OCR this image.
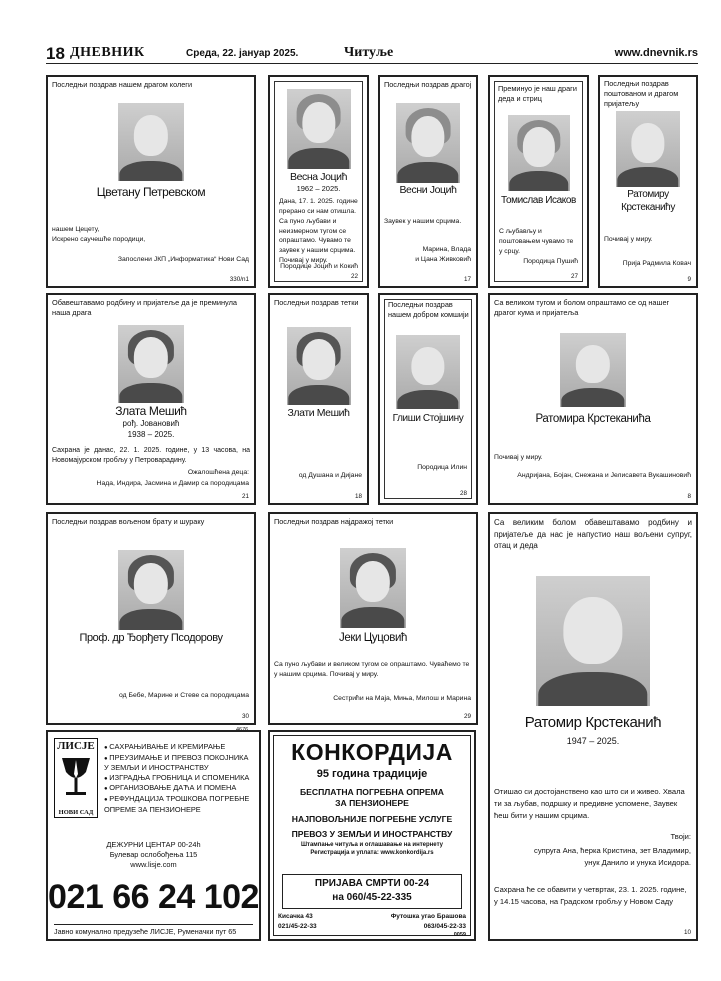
18 ДНЕВНИК	Среда, 22. јануар 2025.	Читуље	www.dnevnik.rs
Последњи поздрав нашем драгом колеги
Цветану Петревском
нашем Цецету,
Искрено саучешће породици,
Запослени ЈКП „Информатика“ Нови Сад
330/n1
Весна Јоцић
1962 – 2025.
Дана, 17. 1. 2025. године прерано си нам отишла. Са пуно љубави и неизмерном тугом се опраштамо. Чувамо те заувек у нашим срцима. Почивај у миру.
Породице Јоцић и Кокић
22
Последњи поздрав драгој
Весни Јоцић
Заувек у нашим срцима.
Марина, Влада
и Цана Живковић
17
Преминуо је наш драги деда и стриц
Томислав Исаков
С љубављу и поштовањем чувамо те у срцу.
Породица Пушић
27
Последњи поздрав поштованом и драгом пријатељу
Ратомиру
Крстеканићу
Почивај у миру.
Прија Радмила Ковач
9
Обавештавамо родбину и пријатеље да је преминула наша драга
Злата Мешић
рођ. Јовановић
1938 – 2025.
Сахрана је данас, 22. 1. 2025. године, у 13 часова, на Новомајурском гробљу у Петроварадину.
Ожалошћена деца:
Нада, Индира, Јасмина и Дамир са породицама
21
Последњи поздрав тетки
Злати Мешић
од Душана и Дијане
18
Последњи поздрав нашем добром комшији
Глиши Стојшину
Породица Илин
28
Са великом тугом и болом опраштамо се од нашег драгог кума и пријатеља
Ратомира Крстеканића
Почивај у миру.
Андријана, Бојан, Снежана и Јелисавета Вукашиновић
8
Последњи поздрав вољеном брату и шураку
Проф. др Ђорђету Псодорову
од Бебе, Марине и Стеве са породицама
30
4676
Последњи поздрав најдражој тетки
Јеки Цуцовић
Са пуно љубави и великом тугом се опраштамо. Чуваћемо те у нашим срцима. Почивај у миру.
Сестрићи на Маја, Миња, Милош и Марина
29
Са великим болом обавештавамо родбину и пријатеље да нас је напустио наш вољени супруг, отац и деда
Ратомир Крстеканић
1947 – 2025.
Отишао си достојанствено као што си и живео. Хвала ти за љубав, подршку и предивне успомене, Заувек ћеш бити у нашим срцима.
Твоји:
супруга Ана, ћерка Кристина, зет Владимир,
унук Данило и унука Исидора.
Сахрана ће се обавити у четвртак, 23. 1. 2025. године, у 14.15 часова, на Градском гробљу у Новом Саду
10
ЛИСЈЕ
НОВИ САД
● САХРАЊИВАЊЕ И КРЕМИРАЊЕ
● ПРЕУЗИМАЊЕ И ПРЕВОЗ ПОКОЈНИКА У ЗЕМЉИ И ИНОСТРАНСТВУ
● ИЗГРАДЊА ГРОБНИЦА И СПОМЕНИКА
● ОРГАНИЗОВАЊЕ ДАЋА И ПОМЕНА
● РЕФУНДАЦИЈА ТРОШКОВА ПОГРЕБНЕ ОПРЕМЕ ЗА ПЕНЗИОНЕРЕ
ДЕЖУРНИ ЦЕНТАР 00-24h
Булевар ослобођења 115
www.lisje.com
021 66 24 102
Јавно комунално предузеће ЛИСЈЕ, Руменачки пут 65
КОНКОРДИЈА
95 година традиције
БЕСПЛАТНА ПОГРЕБНА ОПРЕМА
ЗА ПЕНЗИОНЕРЕ
НАЈПОВОЉНИЈЕ ПОГРЕБНЕ УСЛУГЕ
ПРЕВОЗ У ЗЕМЉИ И ИНОСТРАНСТВУ
Штампање читуља и оглашавање на интернету
Регистрација и уплата: www.konkordija.rs
ПРИЈАВА СМРТИ 00-24
на 060/45-22-335
Кисачка 43
021/45-22-33
Футошка угао Брашова
063/045-22-33
0059
